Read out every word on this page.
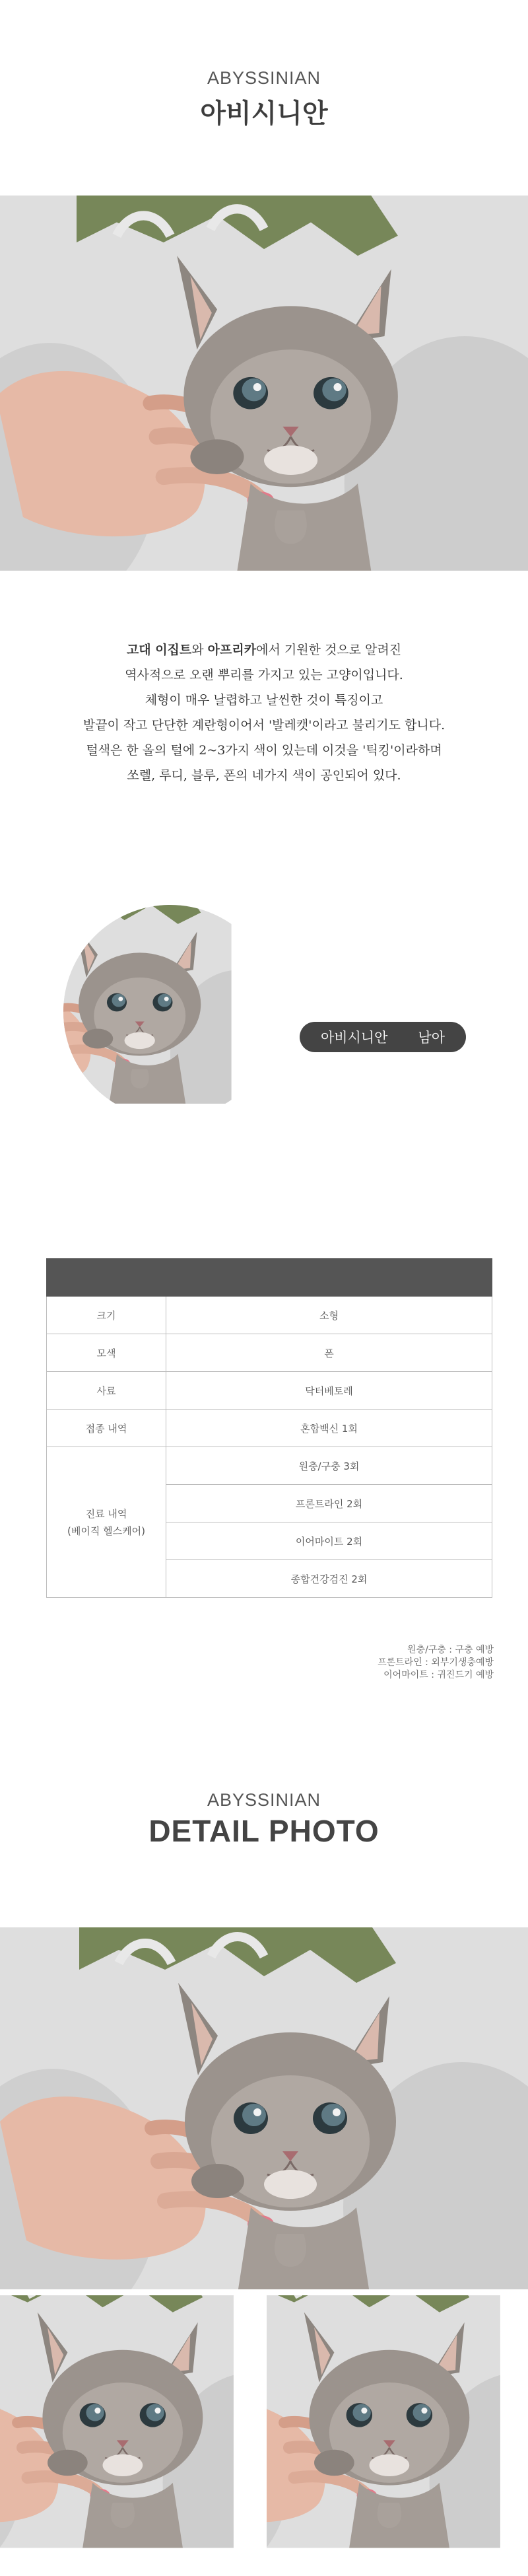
ABYSSINIAN
아비시니안

고대 이집트와 아프리카에서 기원한 것으로 알려진

역사적으로 오랜 뿌리를 가지고 있는 고양이입니다.

체형이 매우 날렵하고 날씬한 것이 특징이고

발끝이 작고 단단한 계란형이어서 '발레캣'이라고 불리기도 합니다.

털색은 한 올의 털에 2~3가지 색이 있는데 이것을 '틱킹'이라하며

쏘렐, 루디, 블루, 폰의 네가지 색이 공인되어 있다.

아비시니안 남아

크기	소형
모색	폰
사료	닥터베토레
접종 내역	혼합백신 1회

진료 내역
(베이직 헬스케어)	원충/구충 3회
	프론트라인 2회
	이어마이트 2회
	종합건강검진 2회
원충/구충 : 구충 예방
프론트라인 : 외부기생충예방
이어마이트 : 귀진드기 예방
ABYSSINIAN
DETAIL PHOTO
